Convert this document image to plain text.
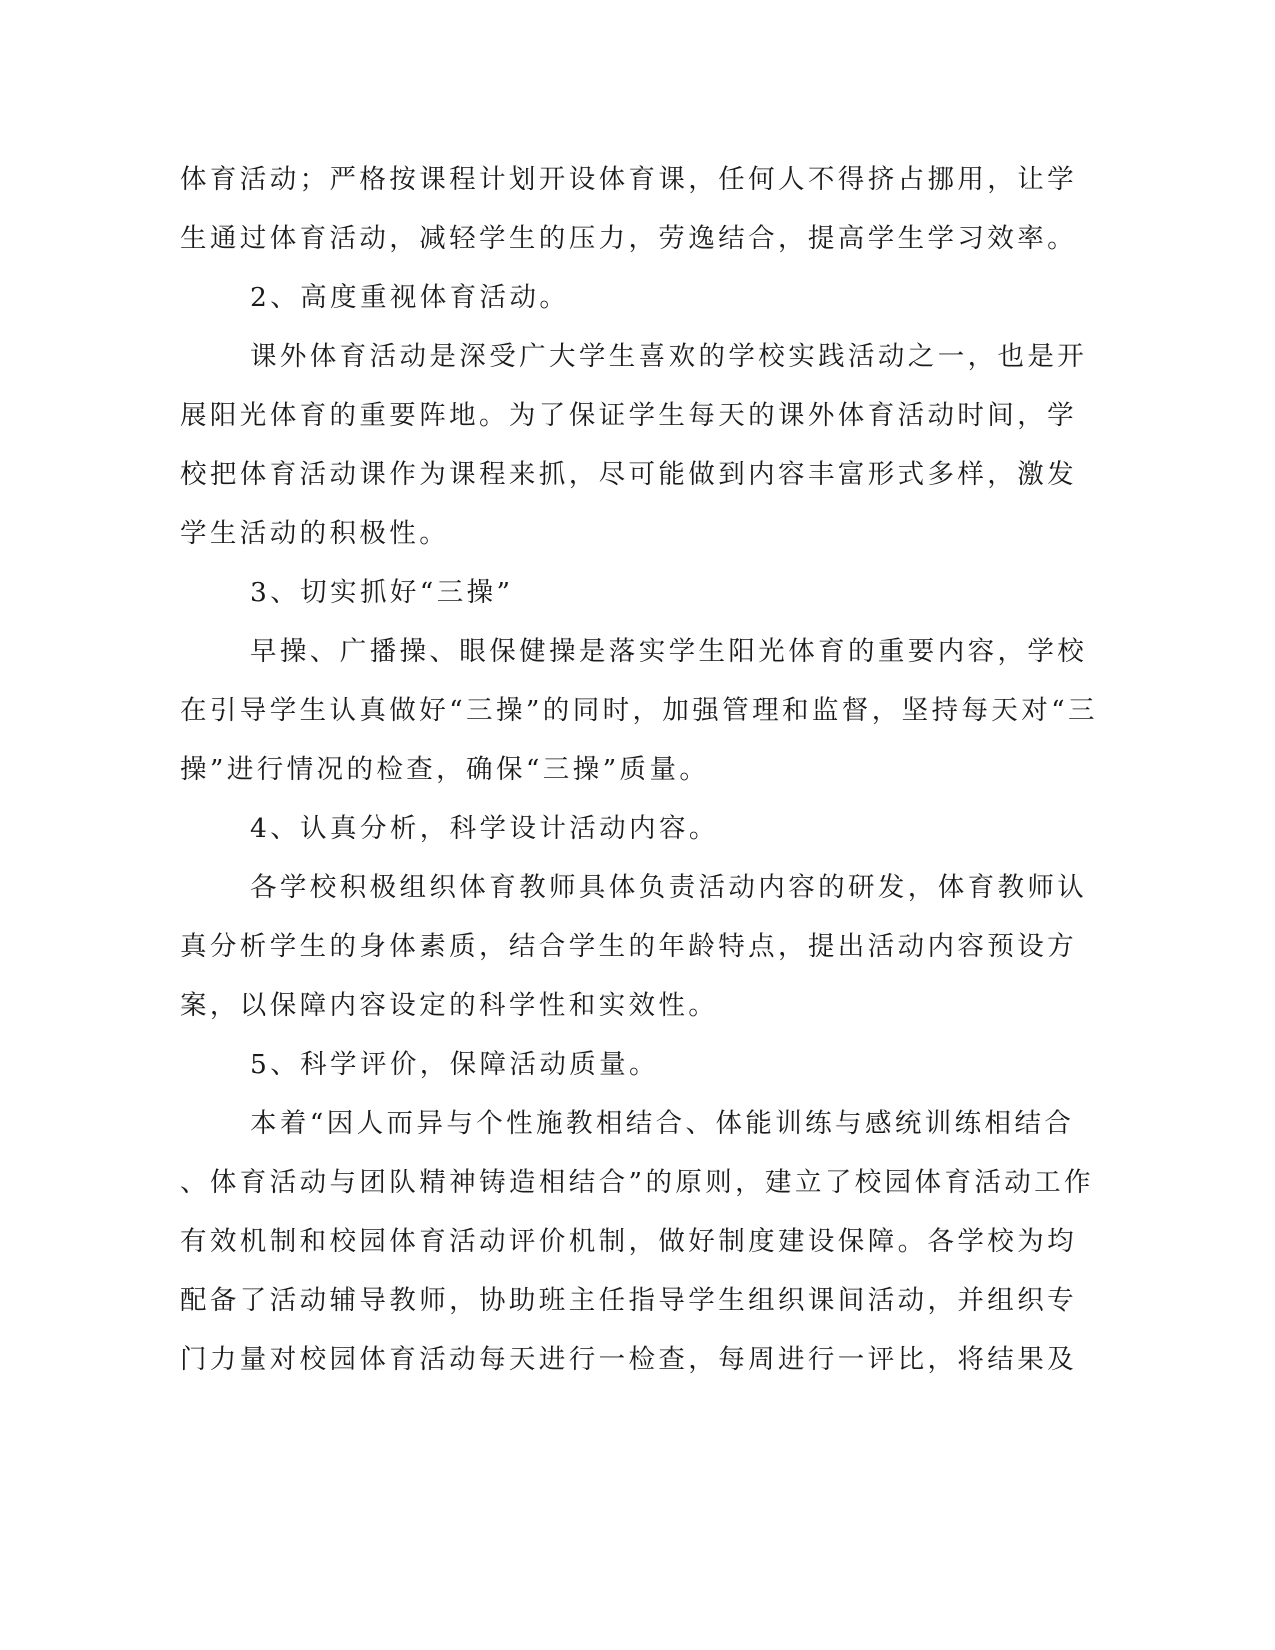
体育活动；严格按课程计划开设体育课，任何人不得挤占挪用，让学
生通过体育活动，减轻学生的压力，劳逸结合，提高学生学习效率。
2、高度重视体育活动。
课外体育活动是深受广大学生喜欢的学校实践活动之一，也是开
展阳光体育的重要阵地。为了保证学生每天的课外体育活动时间，学
校把体育活动课作为课程来抓，尽可能做到内容丰富形式多样，激发
学生活动的积极性。
3、切实抓好“三操”
早操、广播操、眼保健操是落实学生阳光体育的重要内容，学校
在引导学生认真做好“三操”的同时，加强管理和监督，坚持每天对“三
操”进行情况的检查，确保“三操”质量。
4、认真分析，科学设计活动内容。
各学校积极组织体育教师具体负责活动内容的研发，体育教师认
真分析学生的身体素质，结合学生的年龄特点，提出活动内容预设方
案，以保障内容设定的科学性和实效性。
5、科学评价，保障活动质量。
本着“因人而异与个性施教相结合、体能训练与感统训练相结合
、体育活动与团队精神铸造相结合”的原则，建立了校园体育活动工作
有效机制和校园体育活动评价机制，做好制度建设保障。各学校为均
配备了活动辅导教师，协助班主任指导学生组织课间活动，并组织专
门力量对校园体育活动每天进行一检查，每周进行一评比，将结果及
